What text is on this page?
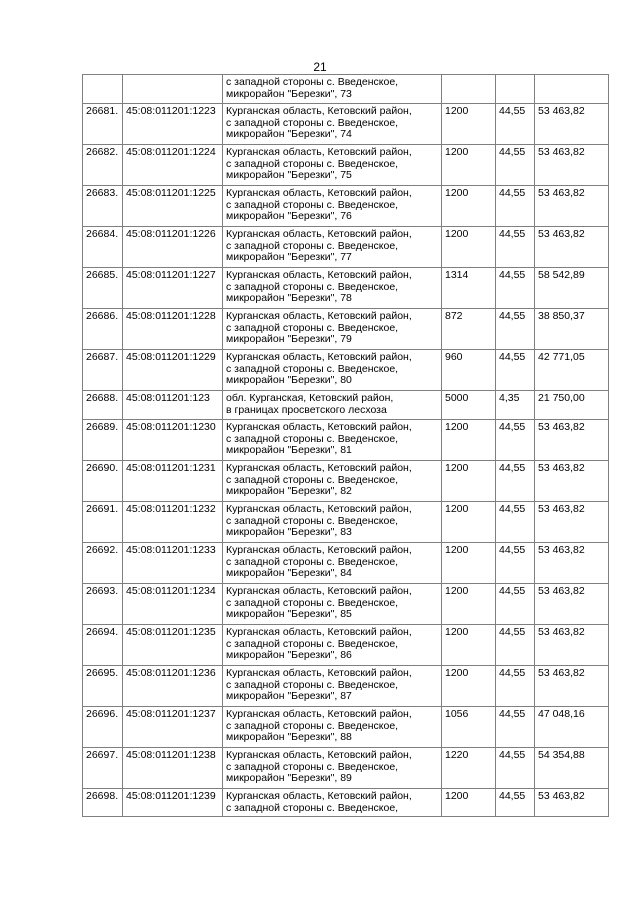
21
		с западной стороны с. Введенское,
микрорайон "Березки", 73			
26681.	45:08:011201:1223	Курганская область, Кетовский район,
с западной стороны с. Введенское,
микрорайон "Березки", 74	1200	44,55	53 463,82
26682.	45:08:011201:1224	Курганская область, Кетовский район,
с западной стороны с. Введенское,
микрорайон "Березки", 75	1200	44,55	53 463,82
26683.	45:08:011201:1225	Курганская область, Кетовский район,
с западной стороны с. Введенское,
микрорайон "Березки", 76	1200	44,55	53 463,82
26684.	45:08:011201:1226	Курганская область, Кетовский район,
с западной стороны с. Введенское,
микрорайон "Березки", 77	1200	44,55	53 463,82
26685.	45:08:011201:1227	Курганская область, Кетовский район,
с западной стороны с. Введенское,
микрорайон "Березки", 78	1314	44,55	58 542,89
26686.	45:08:011201:1228	Курганская область, Кетовский район,
с западной стороны с. Введенское,
микрорайон "Березки", 79	872	44,55	38 850,37
26687.	45:08:011201:1229	Курганская область, Кетовский район,
с западной стороны с. Введенское,
микрорайон "Березки", 80	960	44,55	42 771,05
26688.	45:08:011201:123	обл. Курганская, Кетовский район,
в границах просветского лесхоза	5000	4,35	21 750,00
26689.	45:08:011201:1230	Курганская область, Кетовский район,
с западной стороны с. Введенское,
микрорайон "Березки", 81	1200	44,55	53 463,82
26690.	45:08:011201:1231	Курганская область, Кетовский район,
с западной стороны с. Введенское,
микрорайон "Березки", 82	1200	44,55	53 463,82
26691.	45:08:011201:1232	Курганская область, Кетовский район,
с западной стороны с. Введенское,
микрорайон "Березки", 83	1200	44,55	53 463,82
26692.	45:08:011201:1233	Курганская область, Кетовский район,
с западной стороны с. Введенское,
микрорайон "Березки", 84	1200	44,55	53 463,82
26693.	45:08:011201:1234	Курганская область, Кетовский район,
с западной стороны с. Введенское,
микрорайон "Березки", 85	1200	44,55	53 463,82
26694.	45:08:011201:1235	Курганская область, Кетовский район,
с западной стороны с. Введенское,
микрорайон "Березки", 86	1200	44,55	53 463,82
26695.	45:08:011201:1236	Курганская область, Кетовский район,
с западной стороны с. Введенское,
микрорайон "Березки", 87	1200	44,55	53 463,82
26696.	45:08:011201:1237	Курганская область, Кетовский район,
с западной стороны с. Введенское,
микрорайон "Березки", 88	1056	44,55	47 048,16
26697.	45:08:011201:1238	Курганская область, Кетовский район,
с западной стороны с. Введенское,
микрорайон "Березки", 89	1220	44,55	54 354,88
26698.	45:08:011201:1239	Курганская область, Кетовский район,
с западной стороны с. Введенское,	1200	44,55	53 463,82
